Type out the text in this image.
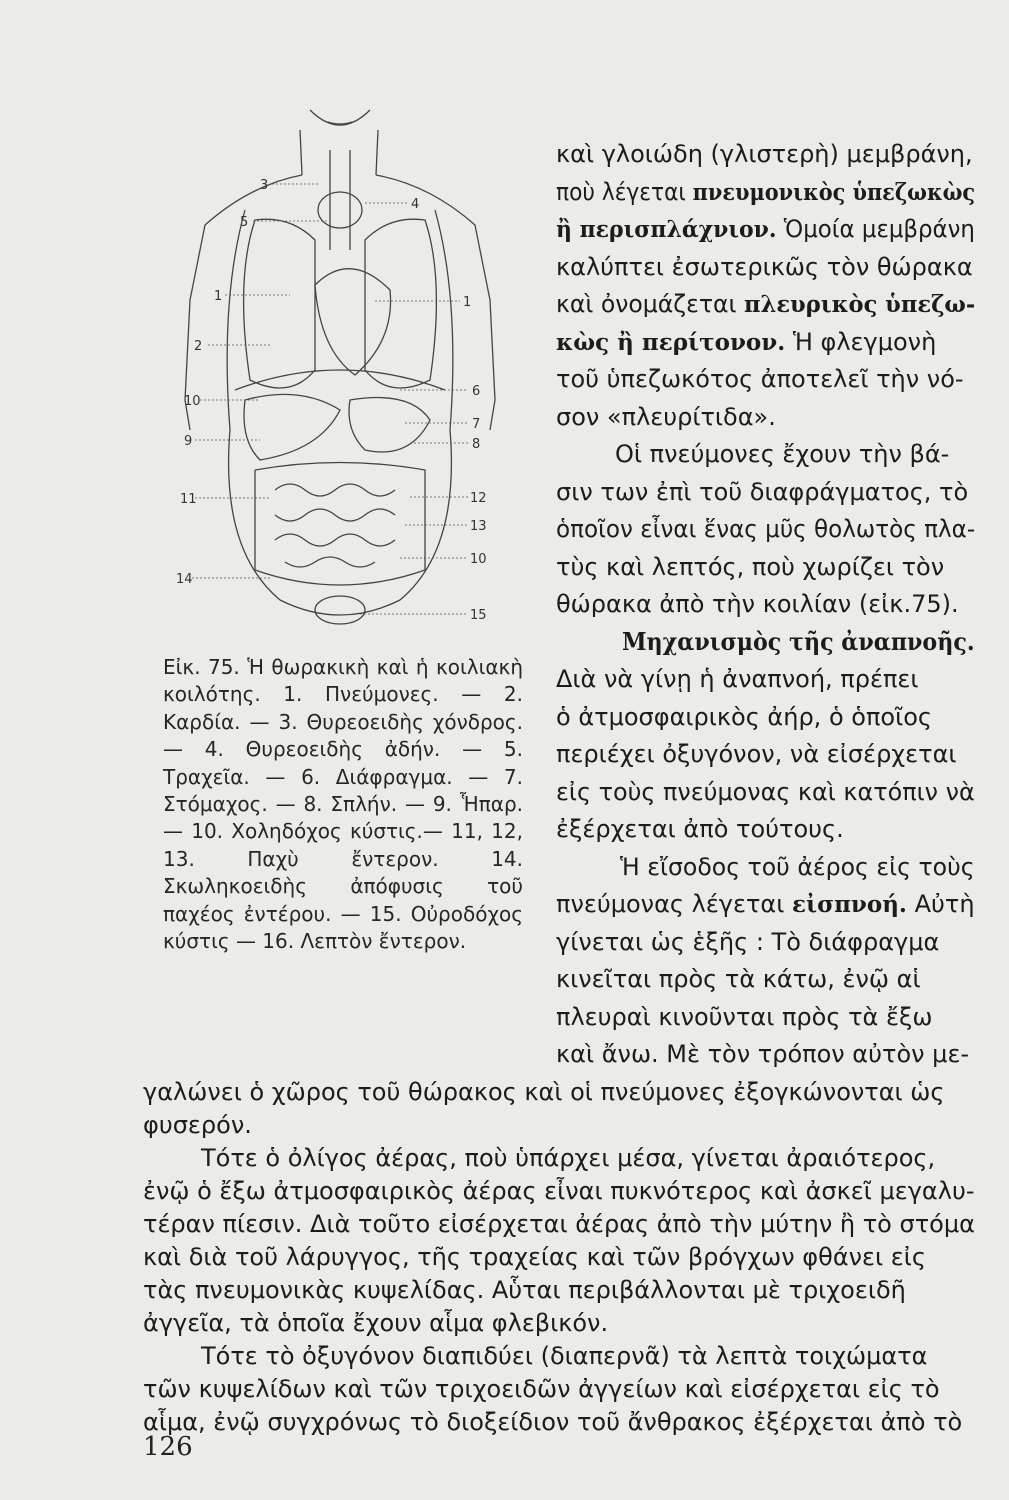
3
5
1
2
10
9
11
14
4
1
6
7
8
12
13
10
15

Εἰκ. 75. Ἡ θωρακικὴ καὶ ἡ κοιλιακὴ κοιλότης. 1. Πνεύμονες. — 2. Καρδία. — 3. Θυρεοειδὴς χόνδρος. — 4. Θυρεοειδὴς ἀδήν. — 5. Τραχεῖα. — 6. Διάφραγμα. — 7. Στόμαχος. — 8. Σπλήν. — 9. Ἧπαρ. — 10. Χοληδόχος κύστις.— 11, 12, 13. Παχὺ ἔντερον. 14. Σκωληκοειδὴς ἀπόφυσις τοῦ παχέος ἐντέρου. — 15. Οὐροδόχος κύστις — 16. Λεπτὸν ἔντερον.

καὶ γλοιώδη (γλιστερὴ) μεμβράνη,
ποὺ λέγεται πνευμονικὸς ὑπεζωκὼς
ἢ περισπλάχνιον. Ὁμοία μεμβράνη
καλύπτει ἐσωτερικῶς τὸν θώρακα
καὶ ὀνομάζεται πλευρικὸς ὑπεζω-
κὼς ἢ περίτονον. Ἡ φλεγμονὴ
τοῦ ὑπεζωκότος ἀποτελεῖ τὴν νό-
σον «πλευρίτιδα».
Οἱ πνεύμονες ἔχουν τὴν βά-
σιν των ἐπὶ τοῦ διαφράγματος, τὸ
ὁποῖον εἶναι ἕνας μῦς θολωτὸς πλα-
τὺς καὶ λεπτός, ποὺ χωρίζει τὸν
θώρακα ἀπὸ τὴν κοιλίαν (εἰκ.75).
Μηχανισμὸς τῆς ἀναπνοῆς.
Διὰ νὰ γίνῃ ἡ ἀναπνοή, πρέπει
ὁ ἀτμοσφαιρικὸς ἀήρ, ὁ ὁποῖος
περιέχει ὀξυγόνον, νὰ εἰσέρχεται
εἰς τοὺς πνεύμονας καὶ κατόπιν νὰ
ἐξέρχεται ἀπὸ τούτους.
Ἡ εἴσοδος τοῦ ἀέρος εἰς τοὺς
πνεύμονας λέγεται εἰσπνοή. Αὐτὴ
γίνεται ὡς ἑξῆς : Τὸ διάφραγμα
κινεῖται πρὸς τὰ κάτω, ἐνῷ αἱ
πλευραὶ κινοῦνται πρὸς τὰ ἔξω
καὶ ἄνω. Μὲ τὸν τρόπον αὐτὸν με-
γαλώνει ὁ χῶρος τοῦ θώρακος καὶ οἱ πνεύμονες ἐξογκώνονται ὡς
φυσερόν.
Τότε ὁ ὀλίγος ἀέρας, ποὺ ὑπάρχει μέσα, γίνεται ἀραιότερος,
ἐνῷ ὁ ἔξω ἀτμοσφαιρικὸς ἀέρας εἶναι πυκνότερος καὶ ἀσκεῖ μεγαλυ-
τέραν πίεσιν. Διὰ τοῦτο εἰσέρχεται ἀέρας ἀπὸ τὴν μύτην ἢ τὸ στόμα
καὶ διὰ τοῦ λάρυγγος, τῆς τραχείας καὶ τῶν βρόγχων φθάνει εἰς
τὰς πνευμονικὰς κυψελίδας. Αὗται περιβάλλονται μὲ τριχοειδῆ
ἀγγεῖα, τὰ ὁποῖα ἔχουν αἷμα φλεβικόν.
Τότε τὸ ὀξυγόνον διαπιδύει (διαπερνᾶ) τὰ λεπτὰ τοιχώματα
τῶν κυψελίδων καὶ τῶν τριχοειδῶν ἀγγείων καὶ εἰσέρχεται εἰς τὸ
αἷμα, ἐνῷ συγχρόνως τὸ διοξείδιον τοῦ ἄνθρακος ἐξέρχεται ἀπὸ τὸ
126
